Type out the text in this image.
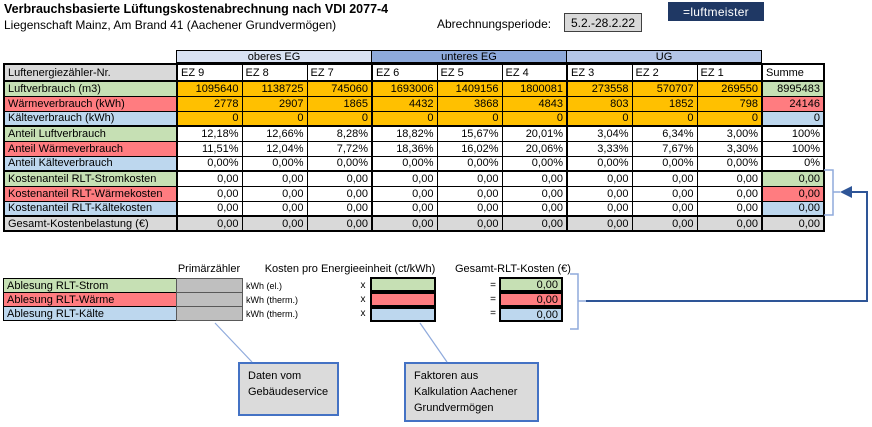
Verbrauchsbasierte Lüftungskostenabrechnung nach VDI 2077-4
Liegenschaft Mainz, Am Brand 41 (Aachener Grundvermögen)	Abrechnungsperiode:	5.2.-28.2.22
=luftmeister
oberes EG	unteres EG	UG
Luftenergiezähler-Nr.	EZ 9	EZ 8	EZ 7	EZ 6	EZ 5	EZ 4	EZ 3	EZ 2	EZ 1	Summe
Luftverbrauch (m3)	1095640	1138725	745060	1693006	1409156	1800081	273558	570707	269550	8995483
Wärmeverbrauch (kWh)	2778	2907	1865	4432	3868	4843	803	1852	798	24146
Kälteverbrauch (kWh)	0	0	0	0	0	0	0	0	0	0
Anteil Luftverbrauch	12,18%	12,66%	8,28%	18,82%	15,67%	20,01%	3,04%	6,34%	3,00%	100%
Anteil Wärmeverbrauch	11,51%	12,04%	7,72%	18,36%	16,02%	20,06%	3,33%	7,67%	3,30%	100%
Anteil Kälteverbrauch	0,00%	0,00%	0,00%	0,00%	0,00%	0,00%	0,00%	0,00%	0,00%	0%
Kostenanteil RLT-Stromkosten	0,00	0,00	0,00	0,00	0,00	0,00	0,00	0,00	0,00	0,00
Kostenanteil RLT-Wärmekosten	0,00	0,00	0,00	0,00	0,00	0,00	0,00	0,00	0,00	0,00
Kostenanteil RLT-Kältekosten	0,00	0,00	0,00	0,00	0,00	0,00	0,00	0,00	0,00	0,00
Gesamt-Kostenbelastung (€)	0,00	0,00	0,00	0,00	0,00	0,00	0,00	0,00	0,00	0,00
Primärzähler	Kosten pro Energieeinheit (ct/kWh)	Gesamt-RLT-Kosten (€)
Ablesung RLT-Strom	kWh (el.)	x	=	0,00
Ablesung RLT-Wärme	kWh (therm.)	x	=	0,00
Ablesung RLT-Kälte	kWh (therm.)	x	=	0,00
Daten vom Gebäudeservice
Faktoren aus Kalkulation Aachener Grundvermögen
